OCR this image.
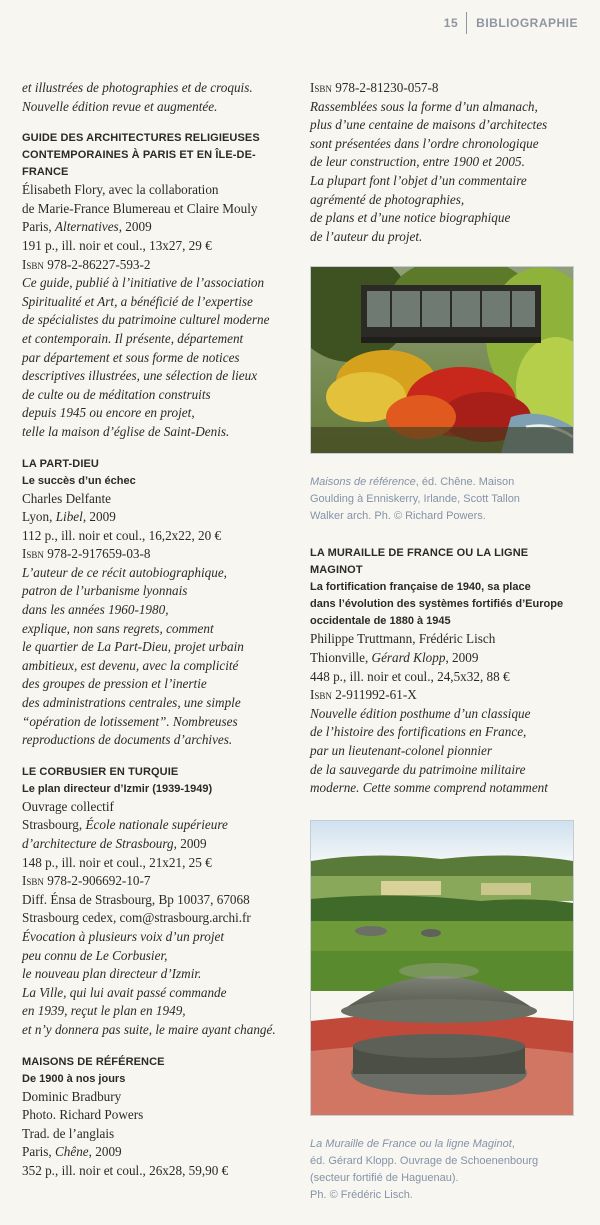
15	BIBLIOGRAPHIE
et illustrées de photographies et de croquis.
Nouvelle édition revue et augmentée.
GUIDE DES ARCHITECTURES RELIGIEUSES
CONTEMPORAINES À PARIS ET EN ÎLE-DE-FRANCE
Élisabeth Flory, avec la collaboration
de Marie-France Blumereau et Claire Mouly
Paris, Alternatives, 2009
191 p., ill. noir et coul., 13x27, 29 €
Isbn 978-2-86227-593-2
Ce guide, publié à l’initiative de l’association
Spiritualité et Art, a bénéficié de l’expertise
de spécialistes du patrimoine culturel moderne
et contemporain. Il présente, département
par département et sous forme de notices
descriptives illustrées, une sélection de lieux
de culte ou de méditation construits
depuis 1945 ou encore en projet,
telle la maison d’église de Saint-Denis.
LA PART-DIEU
Le succès d’un échec
Charles Delfante
Lyon, Libel, 2009
112 p., ill. noir et coul., 16,2x22, 20 €
Isbn 978-2-917659-03-8
L’auteur de ce récit autobiographique,
patron de l’urbanisme lyonnais
dans les années 1960-1980,
explique, non sans regrets, comment
le quartier de La Part-Dieu, projet urbain
ambitieux, est devenu, avec la complicité
des groupes de pression et l’inertie
des administrations centrales, une simple
“opération de lotissement”. Nombreuses
reproductions de documents d’archives.
LE CORBUSIER EN TURQUIE
Le plan directeur d’Izmir (1939-1949)
Ouvrage collectif
Strasbourg, École nationale supérieure
d’architecture de Strasbourg, 2009
148 p., ill. noir et coul., 21x21, 25 €
Isbn 978-2-906692-10-7
Diff. Énsa de Strasbourg, Bp 10037, 67068
Strasbourg cedex, com@strasbourg.archi.fr
Évocation à plusieurs voix d’un projet
peu connu de Le Corbusier,
le nouveau plan directeur d’Izmir.
La Ville, qui lui avait passé commande
en 1939, reçut le plan en 1949,
et n’y donnera pas suite, le maire ayant changé.
MAISONS DE RÉFÉRENCE
De 1900 à nos jours
Dominic Bradbury
Photo. Richard Powers
Trad. de l’anglais
Paris, Chêne, 2009
352 p., ill. noir et coul., 26x28, 59,90 €
Isbn 978-2-81230-057-8
Rassemblées sous la forme d’un almanach,
plus d’une centaine de maisons d’architectes
sont présentées dans l’ordre chronologique
de leur construction, entre 1900 et 2005.
La plupart font l’objet d’un commentaire
agrémenté de photographies,
de plans et d’une notice biographique
de l’auteur du projet.
Maisons de référence, éd. Chêne. Maison
Goulding à Enniskerry, Irlande, Scott Tallon
Walker arch. Ph. © Richard Powers.
LA MURAILLE DE FRANCE OU LA LIGNE MAGINOT
La fortification française de 1940, sa place
dans l’évolution des systèmes fortifiés d’Europe
occidentale de 1880 à 1945
Philippe Truttmann, Frédéric Lisch
Thionville, Gérard Klopp, 2009
448 p., ill. noir et coul., 24,5x32, 88 €
Isbn 2-911992-61-X
Nouvelle édition posthume d’un classique
de l’histoire des fortifications en France,
par un lieutenant-colonel pionnier
de la sauvegarde du patrimoine militaire
moderne. Cette somme comprend notamment
La Muraille de France ou la ligne Maginot,
éd. Gérard Klopp. Ouvrage de Schoenenbourg
(secteur fortifié de Haguenau).
Ph. © Frédéric Lisch.
